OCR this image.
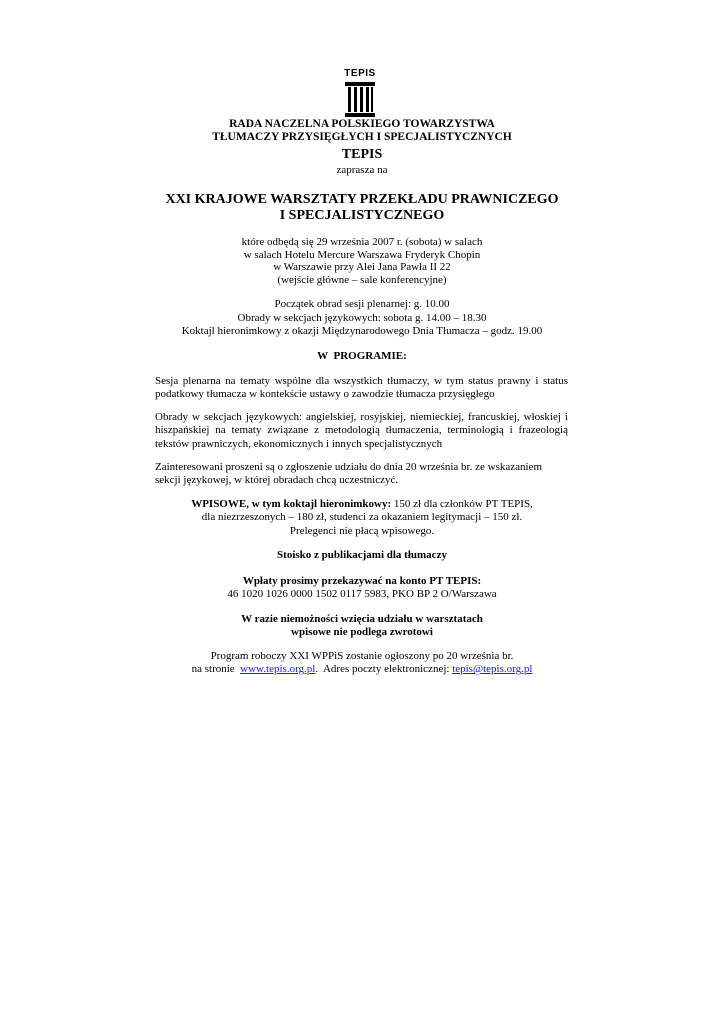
TEPIS
RADA NACZELNA POLSKIEGO TOWARZYSTWA
TŁUMACZY PRZYSIĘGŁYCH I SPECJALISTYCZNYCH
TEPIS
zaprasza na
XXI KRAJOWE WARSZTATY PRZEKŁADU PRAWNICZEGO
I SPECJALISTYCZNEGO
które odbędą się 29 września 2007 r. (sobota) w salach
w salach Hotelu Mercure Warszawa Fryderyk Chopin
w Warszawie przy Alei Jana Pawła II 22
(wejście główne – sale konferencyjne)
Początek obrad sesji plenarnej: g. 10.00
Obrady w sekcjach językowych: sobota g. 14.00 – 18.30
Koktajl hieronimkowy z okazji Międzynarodowego Dnia Tłumacza – godz. 19.00
W  PROGRAMIE:

Sesja plenarna na tematy wspólne dla wszystkich tłumaczy, w tym status prawny i status podatkowy tłumacza w kontekście ustawy o zawodzie tłumacza przysięgłego

Obrady w sekcjach językowych: angielskiej, rosyjskiej, niemieckiej, francuskiej, włoskiej i hiszpańskiej na tematy związane z metodologią tłumaczenia, terminologią i frazeologią tekstów prawniczych, ekonomicznych i innych specjalistycznych

Zainteresowani proszeni są o zgłoszenie udziału do dnia 20 września br. ze wskazaniem
sekcji językowej, w której obradach chcą uczestniczyć.

WPISOWE, w tym koktajl hieronimkowy: 150 zł dla członków PT TEPIS,
dla niezrzeszonych – 180 zł, studenci za okazaniem legitymacji – 150 zł.
Prelegenci nie płacą wpisowego.
Stoisko z publikacjami dla tłumaczy
Wpłaty prosimy przekazywać na konto PT TEPIS:
46 1020 1026 0000 1502 0117 5983, PKO BP 2 O/Warszawa
W razie niemożności wzięcia udziału w warsztatach
wpisowe nie podlega zwrotowi
Program roboczy XXI WPPiS zostanie ogłoszony po 20 września br.
na stronie  www.tepis.org.pl.  Adres poczty elektronicznej: tepis@tepis.org.pl
